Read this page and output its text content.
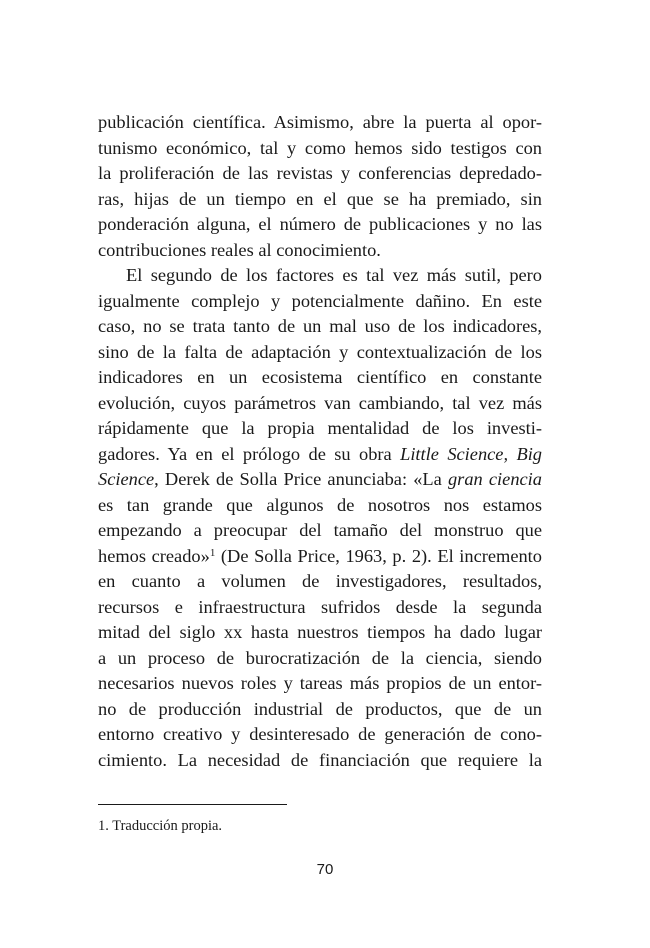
publicación científica. Asimismo, abre la puerta al opor-
tunismo económico, tal y como hemos sido testigos con
la proliferación de las revistas y conferencias depredado-
ras, hijas de un tiempo en el que se ha premiado, sin
ponderación alguna, el número de publicaciones y no las
contribuciones reales al conocimiento.
El segundo de los factores es tal vez más sutil, pero
igualmente complejo y potencialmente dañino. En este
caso, no se trata tanto de un mal uso de los indicadores,
sino de la falta de adaptación y contextualización de los
indicadores en un ecosistema científico en constante
evolución, cuyos parámetros van cambiando, tal vez más
rápidamente que la propia mentalidad de los investi-
gadores. Ya en el prólogo de su obra Little Science, Big
Science, Derek de Solla Price anunciaba: «La gran ciencia
es tan grande que algunos de nosotros nos estamos
empezando a preocupar del tamaño del monstruo que
hemos creado»$^1$ (De Solla Price, 1963, p. 2). El incremento
en cuanto a volumen de investigadores, resultados,
recursos e infraestructura sufridos desde la segunda
mitad del siglo xx hasta nuestros tiempos ha dado lugar
a un proceso de burocratización de la ciencia, siendo
necesarios nuevos roles y tareas más propios de un entor-
no de producción industrial de productos, que de un
entorno creativo y desinteresado de generación de cono-
cimiento. La necesidad de financiación que requiere la
1. Traducción propia.
70
